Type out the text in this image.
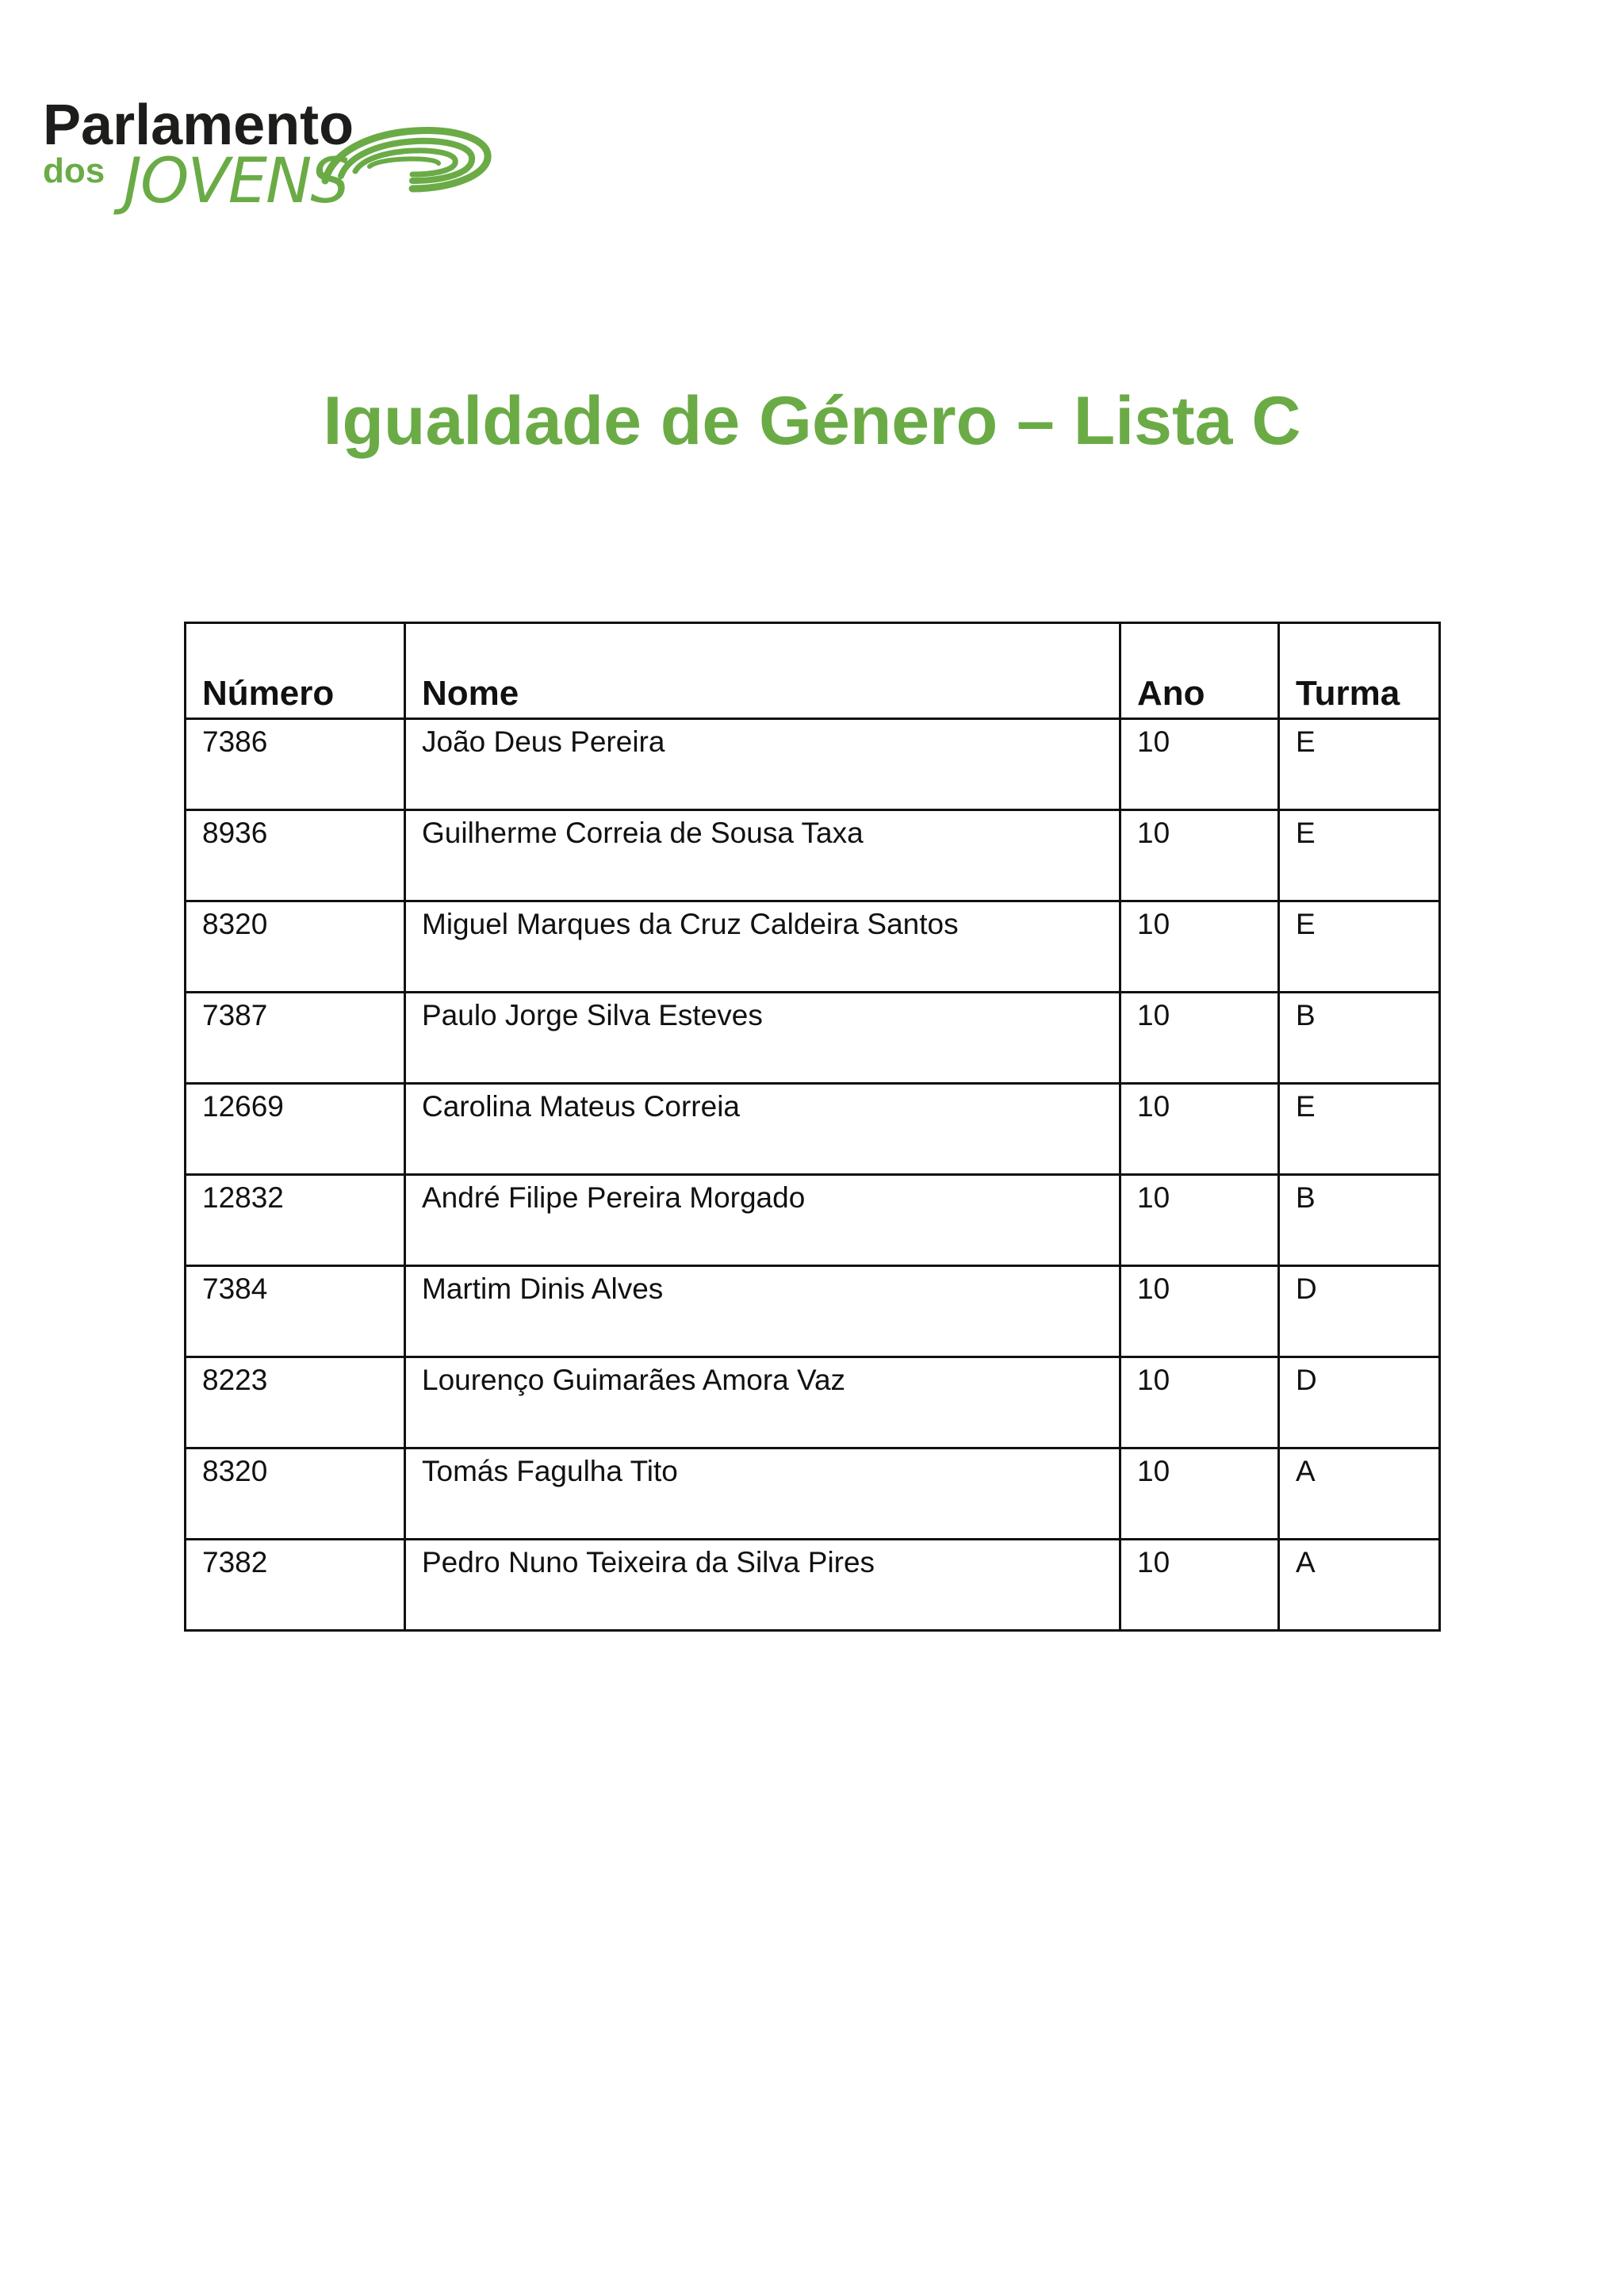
Parlamento
dos JOVENS
Igualdade de Género – Lista C
Número	Nome	Ano	Turma
7386	João Deus Pereira	10	E
8936	Guilherme Correia de Sousa Taxa	10	E
8320	Miguel Marques da Cruz Caldeira Santos	10	E
7387	Paulo Jorge Silva Esteves	10	B
12669	Carolina Mateus Correia	10	E
12832	André Filipe Pereira Morgado	10	B
7384	Martim Dinis Alves	10	D
8223	Lourenço Guimarães Amora Vaz	10	D
8320	Tomás Fagulha Tito	10	A
7382	Pedro Nuno Teixeira da Silva Pires	10	A
